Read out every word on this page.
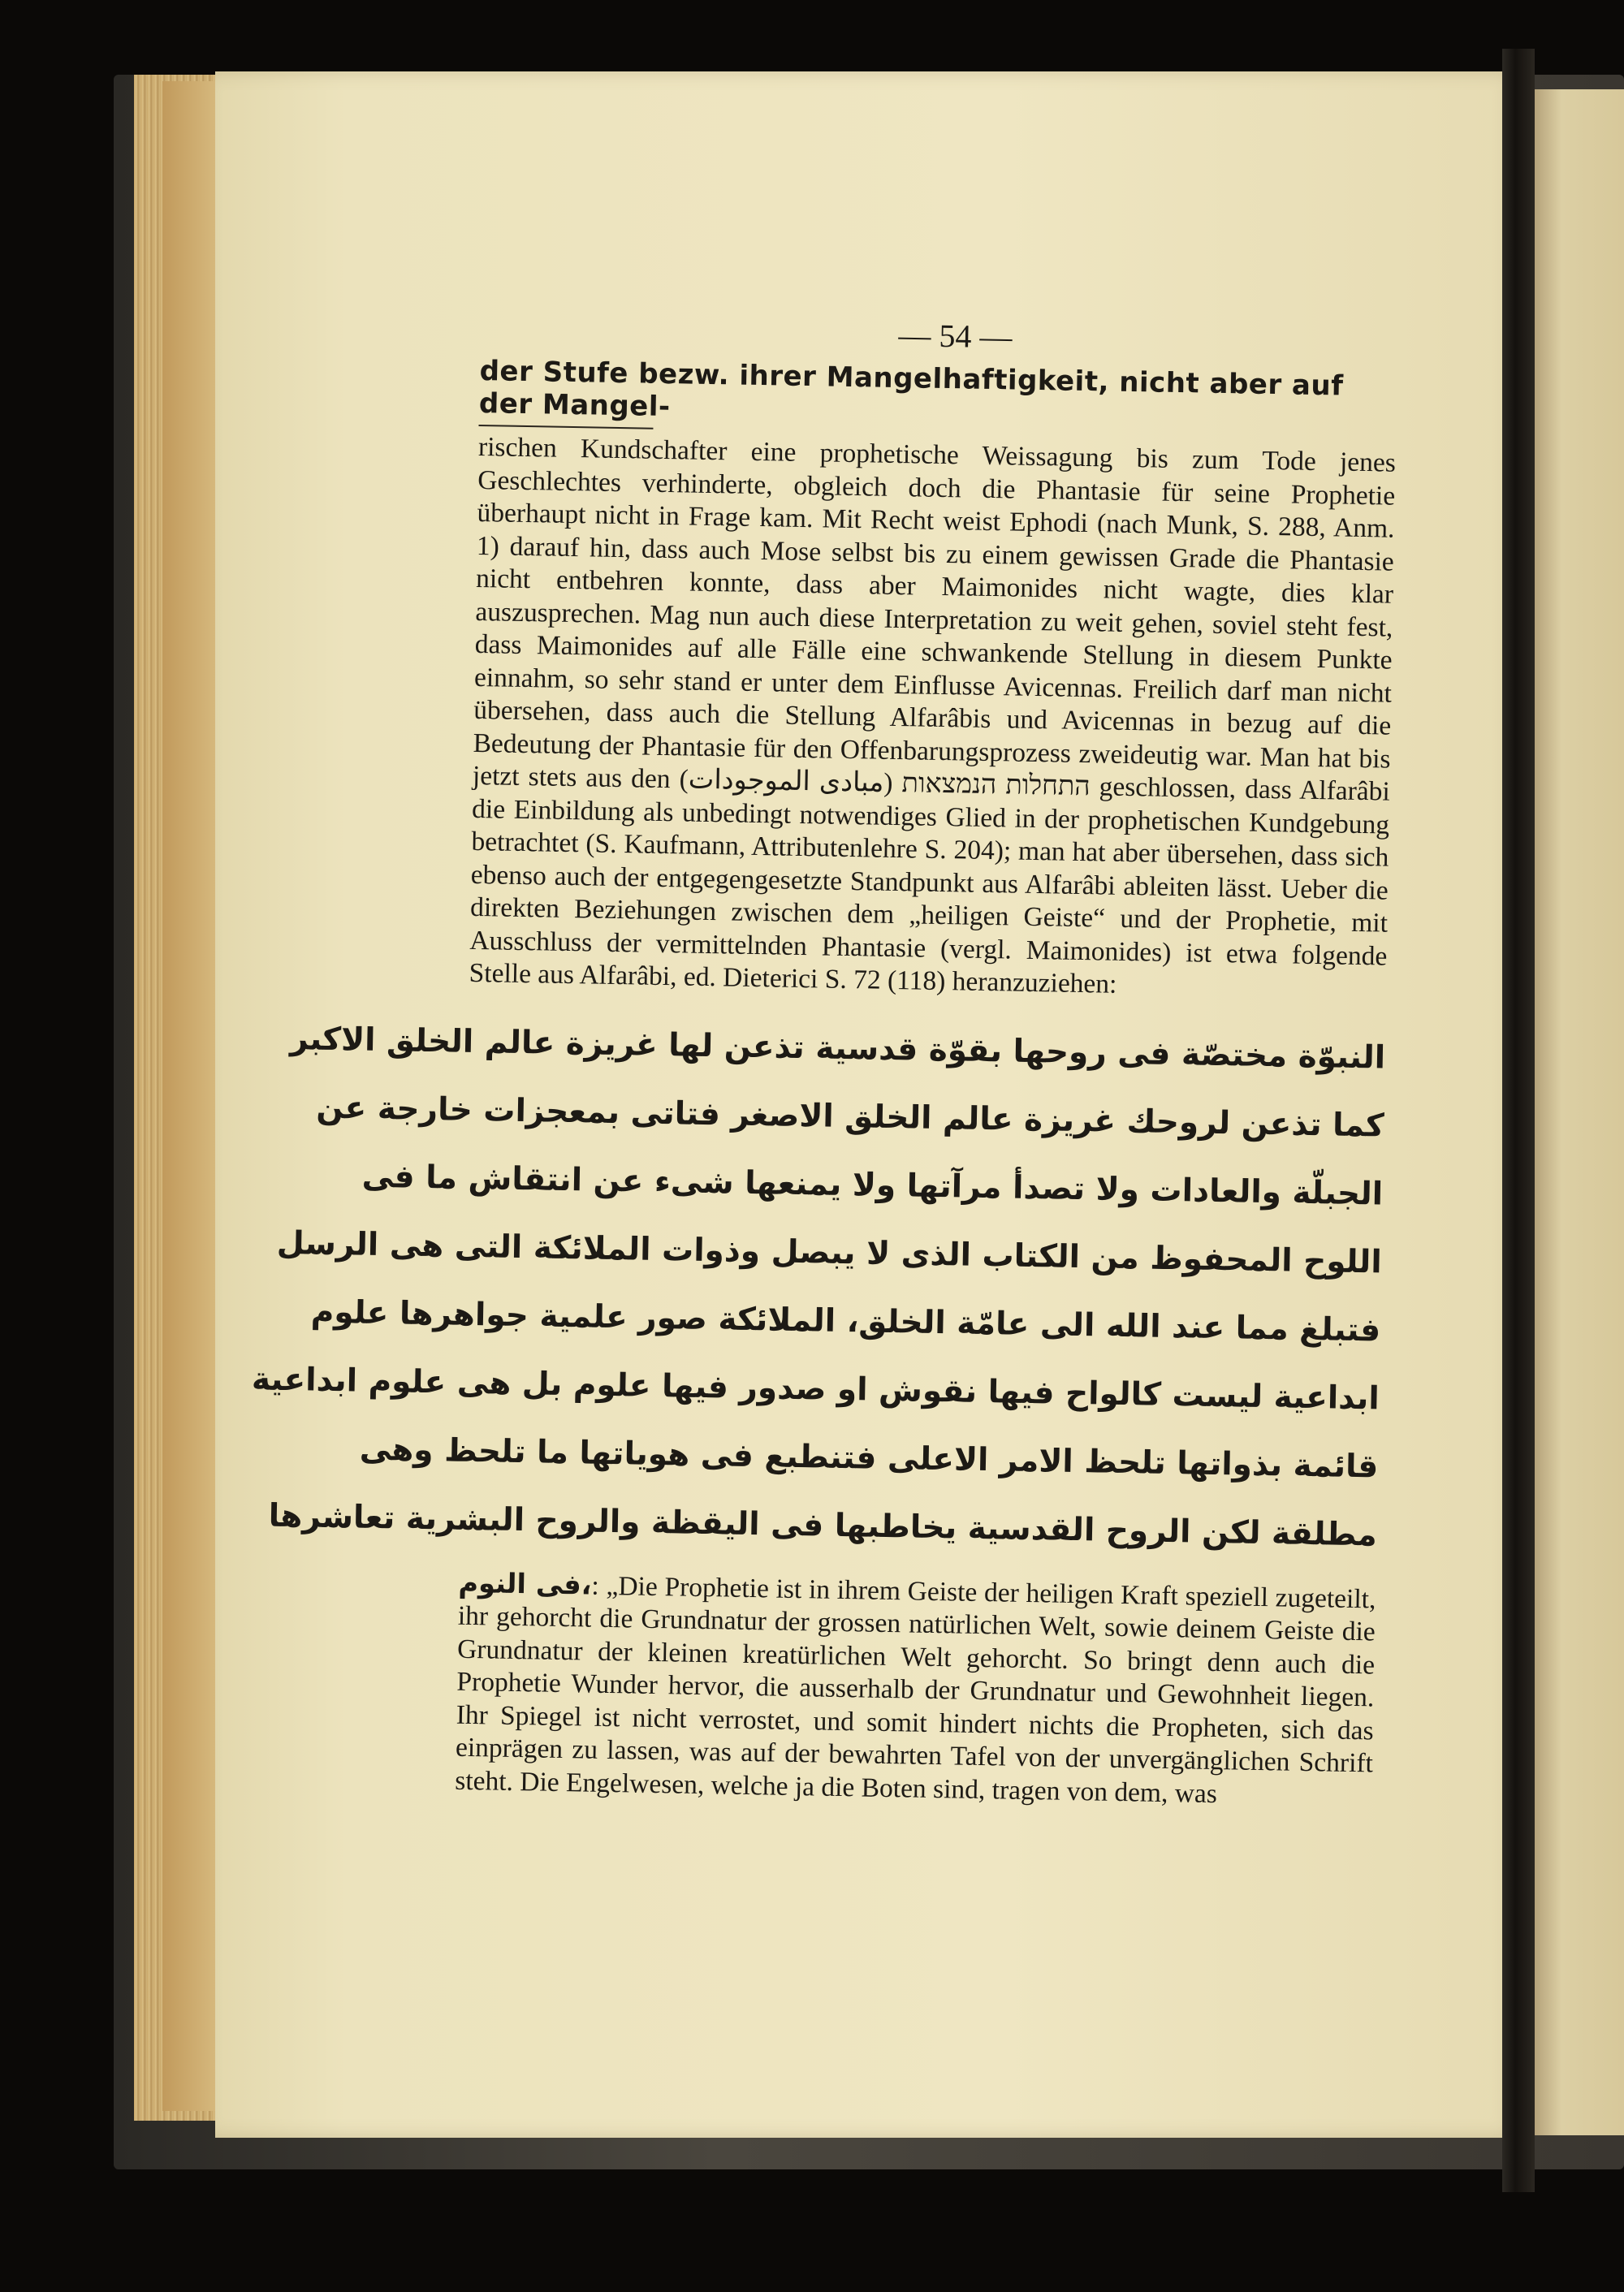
— 54 —
der Stufe bezw. ihrer Mangelhaftigkeit, nicht aber auf der Mangel-

rischen Kundschafter eine prophetische Weissagung bis zum Tode jenes Geschlechtes verhinderte, obgleich doch die Phantasie für seine Prophetie überhaupt nicht in Frage kam. Mit Recht weist Ephodi (nach Munk, S. 288, Anm. 1) darauf hin, dass auch Mose selbst bis zu einem gewissen Grade die Phantasie nicht entbehren konnte, dass aber Maimonides nicht wagte, dies klar auszusprechen. Mag nun auch diese Interpretation zu weit gehen, soviel steht fest, dass Maimonides auf alle Fälle eine schwankende Stellung in diesem Punkte einnahm, so sehr stand er unter dem Einflusse Avicennas. Freilich darf man nicht übersehen, dass auch die Stellung Alfarâbis und Avicennas in bezug auf die Bedeutung der Phantasie für den Offenbarungsprozess zweideutig war. Man hat bis jetzt stets aus den התחלות הנמצאות (مبادى الموجودات) geschlossen, dass Alfarâbi die Einbildung als unbedingt notwendiges Glied in der prophetischen Kundgebung betrachtet (S. Kaufmann, Attributenlehre S. 204); man hat aber übersehen, dass sich ebenso auch der entgegengesetzte Standpunkt aus Alfarâbi ableiten lässt. Ueber die direkten Beziehungen zwischen dem „heiligen Geiste“ und der Prophetie, mit Ausschluss der vermittelnden Phantasie (vergl. Maimonides) ist etwa folgende Stelle aus Alfarâbi, ed. Dieterici S. 72 (118) heranzuziehen:

النبوّة مختصّة فى روحها بقوّة قدسية تذعن لها غريزة عالم الخلق الاكبر
كما تذعن لروحك غريزة عالم الخلق الاصغر فتاتى بمعجزات خارجة عن
الجبلّة والعادات ولا تصدأ مرآتها ولا يمنعها شىء عن انتقاش ما فى
اللوح المحفوظ من الكتاب الذى لا يبصل وذوات الملائكة التى هى الرسل
فتبلغ مما عند الله الى عامّة الخلق، الملائكة صور علمية جواهرها علوم
ابداعية ليست كالواح فيها نقوش او صدور فيها علوم بل هى علوم ابداعية
قائمة بذواتها تلحظ الامر الاعلى فتنطبع فى هوياتها ما تلحظ وهى
مطلقة لكن الروح القدسية يخاطبها فى اليقظة والروح البشرية تعاشرها

فى النوم،: „Die Prophetie ist in ihrem Geiste der heiligen Kraft speziell zugeteilt, ihr gehorcht die Grundnatur der grossen natürlichen Welt, sowie deinem Geiste die Grundnatur der kleinen kreatürlichen Welt gehorcht. So bringt denn auch die Prophetie Wunder hervor, die ausserhalb der Grundnatur und Gewohnheit liegen. Ihr Spiegel ist nicht verrostet, und somit hindert nichts die Propheten, sich das einprägen zu lassen, was auf der bewahrten Tafel von der unvergänglichen Schrift steht. Die Engelwesen, welche ja die Boten sind, tragen von dem, was
